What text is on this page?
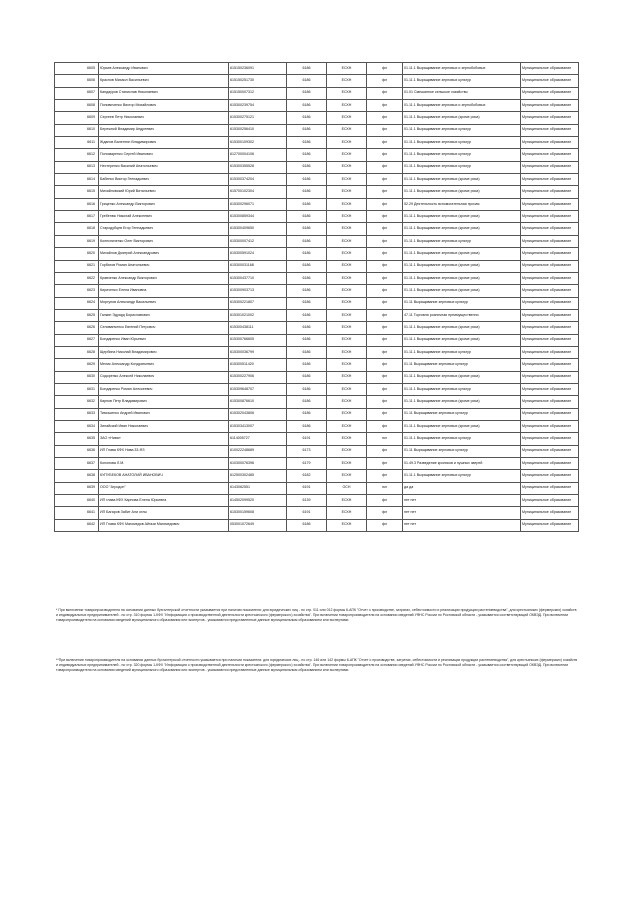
6605	Юрьев Александр Иванович	615150236091	6186	ЕСХН	фл	01.11.1 Выращивание зерновых и зернобобовых	Муниципальное образование
6606	Краснов Михаил Васильевич	615150251730	6186	ЕСХН	фл	01.11.1 Выращивание зерновых культур	Муниципальное образование
6607	Кандауров Станислав Николаевич	615150007312	6186	ЕСХН	фл	01.01 Смешанное сельское хозяйство	Муниципальное образование
6608	Поповиченко Виктор Михайлович	615300239754	6186	ЕСХН	фл	01.11.1 Выращивание зерновых и зернобобовых	Муниципальное образование
6609	Сергеев Петр Николаевич	615300275121	6186	ЕСХН	фл	01.11.1 Выращивание зерновых (кроме риса)	Муниципальное образование
6610	Бережной Владимир Андреевич	615300256410	6186	ЕСХН	фл	01.11.1 Выращивание зерновых культур	Муниципальное образование
6611	Жданов Валентин Владимирович	615300109302	6186	ЕСХН	фл	01.11.1 Выращивание зерновых культур	Муниципальное образование
6612	Пономаренко Сергей Иванович	612700004106	6186	ЕСХН	фл	01.11.1 Выращивание зерновых культур	Муниципальное образование
6613	Нестеренко Василий Анатольевич	615300355528	6186	ЕСХН	фл	01.11.1 Выращивание зерновых культур	Муниципальное образование
6614	Бабенко Виктор Геннадьевич	615300374204	6186	ЕСХН	фл	01.11.1 Выращивание зерновых (кроме риса)	Муниципальное образование
6615	Михайловский Юрий Витальевич	615700102304	6186	ЕСХН	фл	01.11.1 Выращивание зерновых (кроме риса)	Муниципальное образование
6616	Гриценко Александр Викторович	615300296071	6186	ЕСХН	фл	52.29 Деятельность вспомогательная прочая	Муниципальное образование
6617	Гребенюк Николай Алексеевич	615300859344	6186	ЕСХН	фл	01.11.1 Выращивание зерновых (кроме риса)	Муниципальное образование
6618	Стародубцев Егор Геннадьевич	615300409650	6186	ЕСХН	фл	01.11.1 Выращивание зерновых (кроме риса)	Муниципальное образование
6619	Колесниченко Олег Викторович	615300007412	6186	ЕСХН	фл	01.11.1 Выращивание зерновых культур	Муниципальное образование
6620	Михайлов Дмитрий Александрович	615300591024	6186	ЕСХН	фл	01.11.1 Выращивание зерновых (кроме риса)	Муниципальное образование
6621	Горбатов Роман Анатольевич	615300031168	6186	ЕСХН	фл	01.11.1 Выращивание зерновых (кроме риса)	Муниципальное образование
6622	Кравченко Александр Викторович	615300437710	6186	ЕСХН	фл	01.11.1 Выращивание зерновых (кроме риса)	Муниципальное образование
6623	Кириченко Елена Ивановна	615300903713	6186	ЕСХН	фл	01.11.1 Выращивание зерновых (кроме риса)	Муниципальное образование
6624	Моргунов Александр Васильевич	615300221807	6186	ЕСХН	фл	01.11 Выращивание зерновых культур	Муниципальное образование
6625	Галкин Эдуард Бориславович	615301021002	6186	ЕСХН	фл	47.11 Торговля розничная преимущественно	Муниципальное образование
6626	Селиванченко Евгений Петрович	615300438111	6186	ЕСХН	фл	01.11.1 Выращивание зерновых (кроме риса)	Муниципальное образование
6627	Бондаренко Иван Юрьевич	615300766605	6186	ЕСХН	фл	01.11.1 Выращивание зерновых (кроме риса)	Муниципальное образование
6628	Щербина Николай Владимирович	615300036799	6186	ЕСХН	фл	01.11.1 Выращивание зерновых культур	Муниципальное образование
6629	Мелик Александр Кондратьевич	615300511420	6186	ЕСХН	фл	01.11 Выращивание зерновых культур	Муниципальное образование
6630	Сидоренко Алексей Николаевич	615300227906	6186	ЕСХН	фл	01.11.1 Выращивание зерновых (кроме риса)	Муниципальное образование
6631	Бондаренко Роман Алексеевич	615309648707	6186	ЕСХН	фл	01.11.1 Выращивание зерновых культур	Муниципальное образование
6632	Карпов Петр Владимирович	615300876610	6186	ЕСХН	фл	01.11.1 Выращивание зерновых (кроме риса)	Муниципальное образование
6633	Тимошенко Андрей Иванович	615302043806	6186	ЕСХН	фл	01.11 Выращивание зерновых культур	Муниципальное образование
6634	Зинайский Иван Николаевич	615303413007	6186	ЕСХН	фл	01.11.1 Выращивание зерновых (кроме риса)	Муниципальное образование
6635	ЗАО «Нива»	6114005727	6191	ЕСХН	юл	01.11.1 Выращивание зерновых культур	Муниципальное образование
6636	ИП Глава КФХ Нива 33-ФЗ	610022248689	6173	ЕСХН	фл	01.11 Выращивание зерновых культур	Муниципальное образование
6637	Кононова Л.М.	610300076396	6179	ЕСХН	фл	01.49.3 Разведение кроликов и пушных зверей	Муниципальное образование
6638	КУПУБЕКОВ АНАТОЛИЙ ИВАНОВИЧ	612500302485	6182	ЕСХН	фл	01.11.1 Выращивание зерновых культур	Муниципальное образование
6639	ООО "Агродон"	6143062551	6191	ОСН	юл	да да	Муниципальное образование
6640	ИП глава КФХ Карпова Елена Юрьевна	614502099520	6139	ЕСХН	фл	нет нет	Муниципальное образование
6641	ИП Багаров Забит Али оглы	615300159608	6191	ЕСХН	фл	нет нет	Муниципальное образование
6642	ИП Глава КФХ Магомедов Айгази Магомедович	053001072649	6186	ЕСХН	фл	нет нет	Муниципальное образование

* При включении товаропроизводителя на основании данных бухгалтерской отчетности указывается при наличии показателя: для юридических лиц - по стр. 011 или 012 формы 6-АПК "Отчет о производстве, затратах, себестоимости и реализации продукции растениеводства", для крестьянских (фермерских) хозяйств и индивидуальных предпринимателей - по стр. 310 формы 1-КФХ "Информация о производственной деятельности крестьянского (фермерского) хозяйства". При включении товаропроизводителя на основании сведений УФНС России по Ростовской области - указывается соответствующий ОКВЭД. При включении товаропроизводителя на основании сведений муниципального образования или экспертов - указываются представленные данные муниципальным образованием или экспертами.

**При включении товаропроизводителя на основании данных бухгалтерской отчетности указывается при наличии показателя: для юридических лиц - по стр. 146 или 142 формы 6-АПК "Отчет о производстве, затратах, себестоимости и реализации продукции растениеводства", для крестьянских (фермерских) хозяйств и индивидуальных предпринимателей - по стр. 320 формы 1-КФХ "Информация о производственной деятельности крестьянского (фермерского) хозяйства". При включении товаропроизводителя на основании сведений УФНС России по Ростовской области - указывается соответствующий ОКВЭД. При включении товаропроизводителя на основании сведений муниципального образования или экспертов - указываются представленные данные муниципальным образованием или экспертами.
